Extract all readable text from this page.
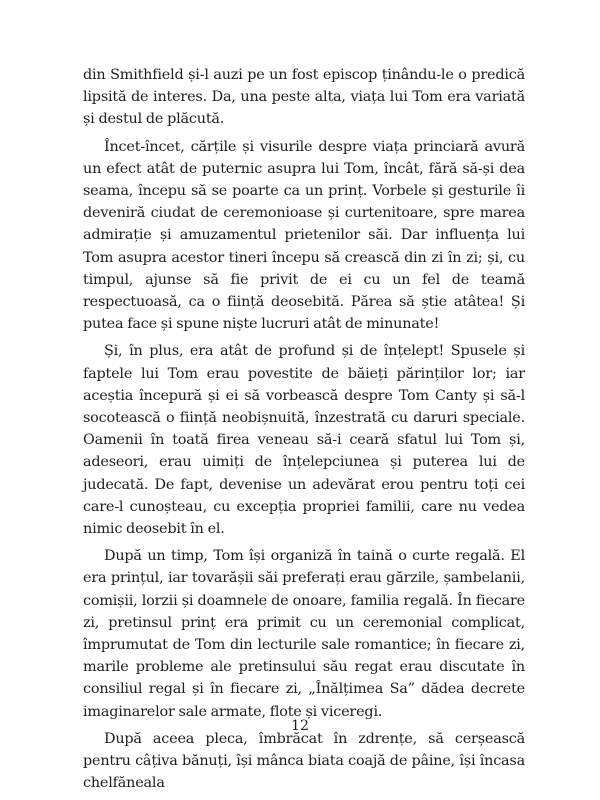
din Smithfield și-l auzi pe un fost episcop ținându-le o predică lipsită de interes. Da, una peste alta, viața lui Tom era variată și destul de plăcută.

Încet-încet, cărțile și visurile despre viața princiară avură un efect atât de puternic asupra lui Tom, încât, fără să-și dea seama, începu să se poarte ca un prinț. Vorbele și gesturile îi deveniră ciudat de ceremonioase și curtenitoare, spre marea admirație și amuzamentul prietenilor săi. Dar influența lui Tom asupra acestor tineri începu să crească din zi în zi; și, cu timpul, ajunse să fie privit de ei cu un fel de teamă respectuoasă, ca o ființă deosebită. Părea să știe atâtea! Și putea face și spune niște lucruri atât de minunate!

Și, în plus, era atât de profund și de înțelept! Spusele și faptele lui Tom erau povestite de băieți părinților lor; iar aceștia începură și ei să vorbească despre Tom Canty și să-l socotească o ființă neobișnuită, înzestrată cu daruri speciale. Oamenii în toată firea veneau să-i ceară sfatul lui Tom și, adeseori, erau uimiți de înțelepciunea și puterea lui de judecată. De fapt, devenise un adevărat erou pentru toți cei care-l cunoșteau, cu excepția propriei familii, care nu vedea nimic deosebit în el.

După un timp, Tom își organiză în taină o curte regală. El era prințul, iar tovarășii săi preferați erau gărzile, șambelanii, comișii, lorzii și doamnele de onoare, familia regală. În fiecare zi, pretinsul prinț era primit cu un ceremonial complicat, împrumutat de Tom din lecturile sale romantice; în fiecare zi, marile probleme ale pretinsului său regat erau discutate în consiliul regal și în fiecare zi, „Înălțimea Sa” dădea decrete imaginarelor sale armate, flote și viceregi.

După aceea pleca, îmbrăcat în zdrențe, să cerșească pentru câțiva bănuți, își mânca biata coajă de pâine, își încasa chelfăneala

12
